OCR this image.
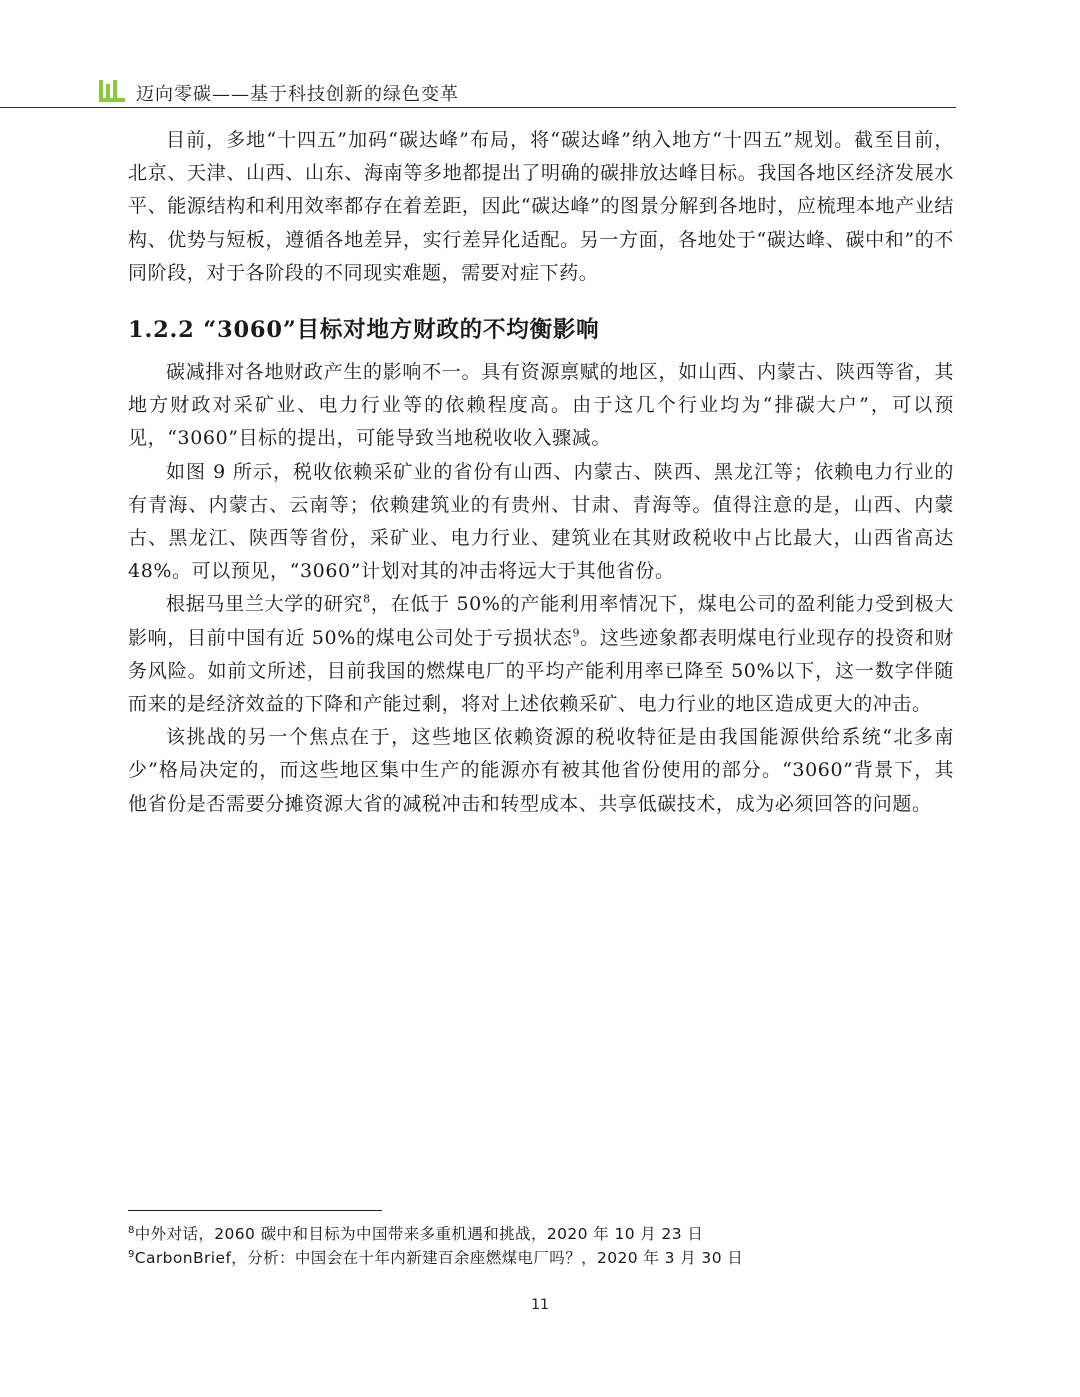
迈向零碳——基于科技创新的绿色变革

目前，多地“十四五”加码“碳达峰”布局，将“碳达峰”纳入地方“十四五”规划。截至目前，北京、天津、山西、山东、海南等多地都提出了明确的碳排放达峰目标。我国各地区经济发展水平、能源结构和利用效率都存在着差距，因此“碳达峰”的图景分解到各地时，应梳理本地产业结构、优势与短板，遵循各地差异，实行差异化适配。另一方面，各地处于“碳达峰、碳中和”的不同阶段，对于各阶段的不同现实难题，需要对症下药。

1.2.2 “3060”目标对地方财政的不均衡影响

碳减排对各地财政产生的影响不一。具有资源禀赋的地区，如山西、内蒙古、陕西等省，其地方财政对采矿业、电力行业等的依赖程度高。由于这几个行业均为“排碳大户”，可以预见，“3060”目标的提出，可能导致当地税收收入骤减。

如图 9 所示，税收依赖采矿业的省份有山西、内蒙古、陕西、黑龙江等；依赖电力行业的有青海、内蒙古、云南等；依赖建筑业的有贵州、甘肃、青海等。值得注意的是，山西、内蒙古、黑龙江、陕西等省份，采矿业、电力行业、建筑业在其财政税收中占比最大，山西省高达 48%。可以预见，“3060”计划对其的冲击将远大于其他省份。

根据马里兰大学的研究$^8$，在低于 50%的产能利用率情况下，煤电公司的盈利能力受到极大影响，目前中国有近 50%的煤电公司处于亏损状态$^9$。这些迹象都表明煤电行业现存的投资和财务风险。如前文所述，目前我国的燃煤电厂的平均产能利用率已降至 50%以下，这一数字伴随而来的是经济效益的下降和产能过剩，将对上述依赖采矿、电力行业的地区造成更大的冲击。

该挑战的另一个焦点在于，这些地区依赖资源的税收特征是由我国能源供给系统“北多南少”格局决定的，而这些地区集中生产的能源亦有被其他省份使用的部分。“3060”背景下，其他省份是否需要分摊资源大省的减税冲击和转型成本、共享低碳技术，成为必须回答的问题。

$^8$中外对话，2060 碳中和目标为中国带来多重机遇和挑战，2020 年 10 月 23 日
$^9$CarbonBrief，分析：中国会在十年内新建百余座燃煤电厂吗？，2020 年 3 月 30 日
11
